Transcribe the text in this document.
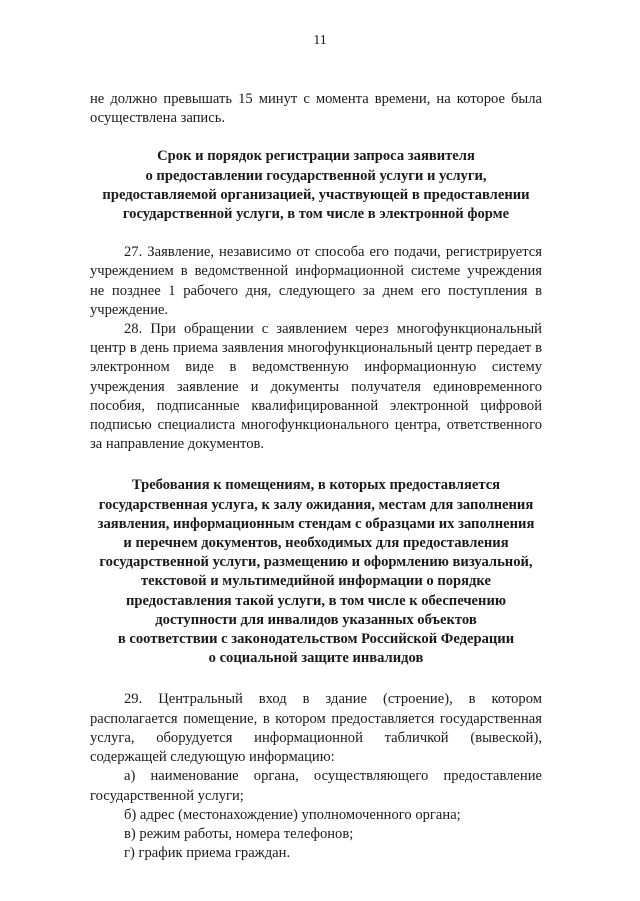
11

не должно превышать 15 минут с момента времени, на которое была осуществлена запись.

Срок и порядок регистрации запроса заявителя
о предоставлении государственной услуги и услуги,
предоставляемой организацией, участвующей в предоставлении
государственной услуги, в том числе в электронной форме

27. Заявление, независимо от способа его подачи, регистрируется учреждением в ведомственной информационной системе учреждения не позднее 1 рабочего дня, следующего за днем его поступления в учреждение.

28. При обращении с заявлением через многофункциональный центр в день приема заявления многофункциональный центр передает в электронном виде в ведомственную информационную систему учреждения заявление и документы получателя единовременного пособия, подписанные квалифицированной электронной цифровой подписью специалиста многофункционального центра, ответственного за направление документов.

Требования к помещениям, в которых предоставляется
государственная услуга, к залу ожидания, местам для заполнения
заявления, информационным стендам с образцами их заполнения
и перечнем документов, необходимых для предоставления
государственной услуги, размещению и оформлению визуальной,
текстовой и мультимедийной информации о порядке
предоставления такой услуги, в том числе к обеспечению
доступности для инвалидов указанных объектов
в соответствии с законодательством Российской Федерации
о социальной защите инвалидов

29. Центральный вход в здание (строение), в котором располагается помещение, в котором предоставляется государственная услуга, оборудуется информационной табличкой (вывеской), содержащей следующую информацию:

а) наименование органа, осуществляющего предоставление государственной услуги;

б) адрес (местонахождение) уполномоченного органа;

в) режим работы, номера телефонов;

г) график приема граждан.
